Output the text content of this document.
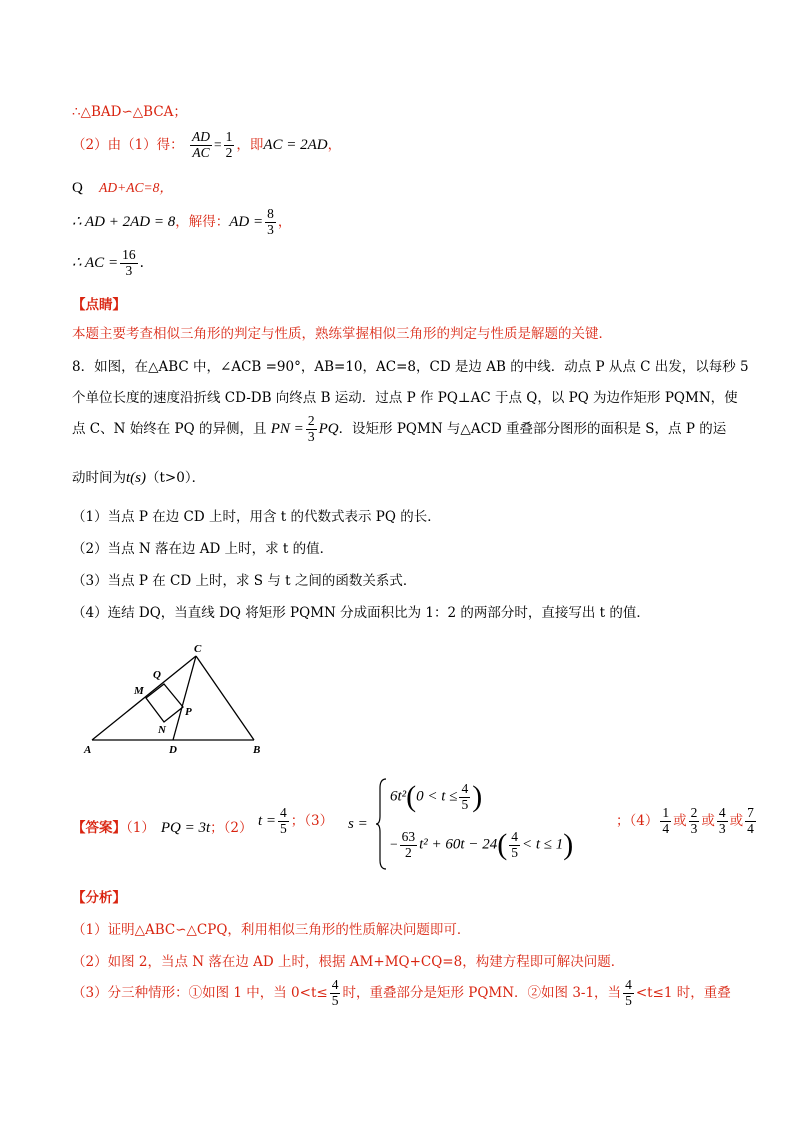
∴△BAD∽△BCA；
（2）由（1）得： $\frac{AD}{AC} = \frac{1}{2}$ ，即AC = 2AD，
Q AD+AC=8，
∴ AD + 2AD = 8，解得：AD = $\frac{8}{3}$ ，
∴ AC = $\frac{16}{3}$ .
【点睛】
本题主要考查相似三角形的判定与性质，熟练掌握相似三角形的判定与性质是解题的关键．
8．如图，在△ABC 中，∠ACB =90°，AB=10，AC=8，CD 是边 AB 的中线．动点 P 从点 C 出发，以每秒 5
个单位长度的速度沿折线 CD-DB 向终点 B 运动．过点 P 作 PQ⊥AC 于点 Q，以 PQ 为边作矩形 PQMN，使
点 C、N 始终在 PQ 的异侧，且 PN = $\frac{2}{3}$ PQ．设矩形 PQMN 与△ACD 重叠部分图形的面积是 S，点 P 的运
动时间为t(s)（t>0）．
（1）当点 P 在边 CD 上时，用含 t 的代数式表示 PQ 的长．
（2）当点 N 落在边 AD 上时，求 t 的值．
（3）当点 P 在 CD 上时，求 S 与 t 之间的函数关系式．
（4）连结 DQ，当直线 DQ 将矩形 PQMN 分成面积比为 1：2 的两部分时，直接写出 t 的值．
A	D	B
C
Q
M
P
N
【答案】（1） PQ = 3t；（2） $t = \frac{4}{5}$ ；（3） s =
$6t^2(0 < t \le \frac{4}{5}$ )
− $\frac{63}{2} t^2 + 60t - 24( \frac{4}{5} < t \le 1)$
；$(4) \frac{1}{4}$ 或 $\frac{2}{3}$ 或 $\frac{4}{3}$ 或 $\frac{7}{4}$
【分析】
（1）证明△ABC∽△CPQ，利用相似三角形的性质解决问题即可．
（2）如图 2，当点 N 落在边 AD 上时，根据 AM+MQ+CQ=8，构建方程即可解决问题．
（3）分三种情形：①如图 1 中，当 $0<t\le \frac{4}{5}$ 时，重叠部分是矩形 PQMN．②如图 3-1，当 $\frac{4}{5} <t\le 1$ 时，重叠
